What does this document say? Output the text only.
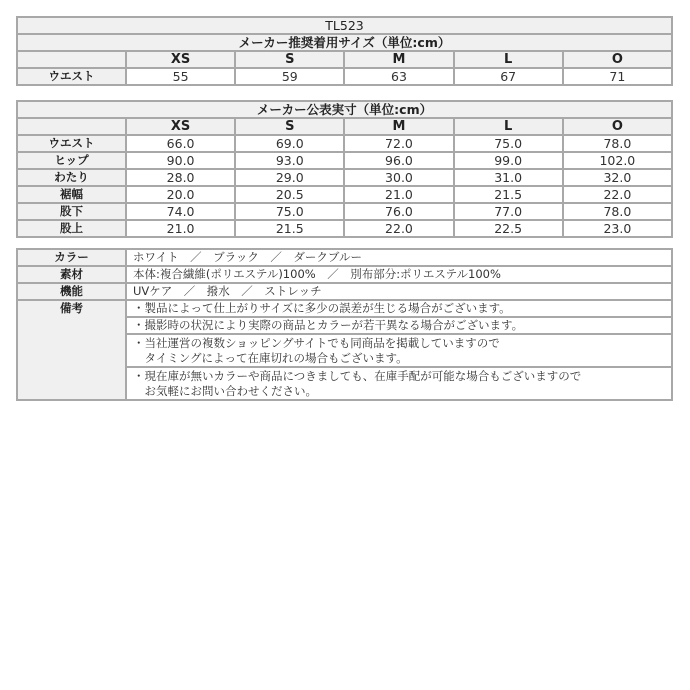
TL523					
メーカー推奨着用サイズ（単位:cm）					
	XS	S	M	L	O
ウエスト	55	59	63	67	71
メーカー公表実寸（単位:cm）					
	XS	S	M	L	O
ウエスト	66.0	69.0	72.0	75.0	78.0
ヒップ	90.0	93.0	96.0	99.0	102.0
わたり	28.0	29.0	30.0	31.0	32.0
裾幅	20.0	20.5	21.0	21.5	22.0
股下	74.0	75.0	76.0	77.0	78.0
股上	21.0	21.5	22.0	22.5	23.0
カラー	ホワイト　／　ブラック　／　ダークブルー
素材	本体:複合繊維(ポリエステル)100%　／　別布部分:ポリエステル100%
機能	UVケア　／　撥水　／　ストレッチ
備考	・製品によって仕上がりサイズに多少の誤差が生じる場合がございます。
	・撮影時の状況により実際の商品とカラーが若干異なる場合がございます。

	・当社運営の複数ショッピングサイトでも同商品を掲載していますので
　タイミングによって在庫切れの場合もございます。

	・現在庫が無いカラーや商品につきましても、在庫手配が可能な場合もございますので
　お気軽にお問い合わせください。
